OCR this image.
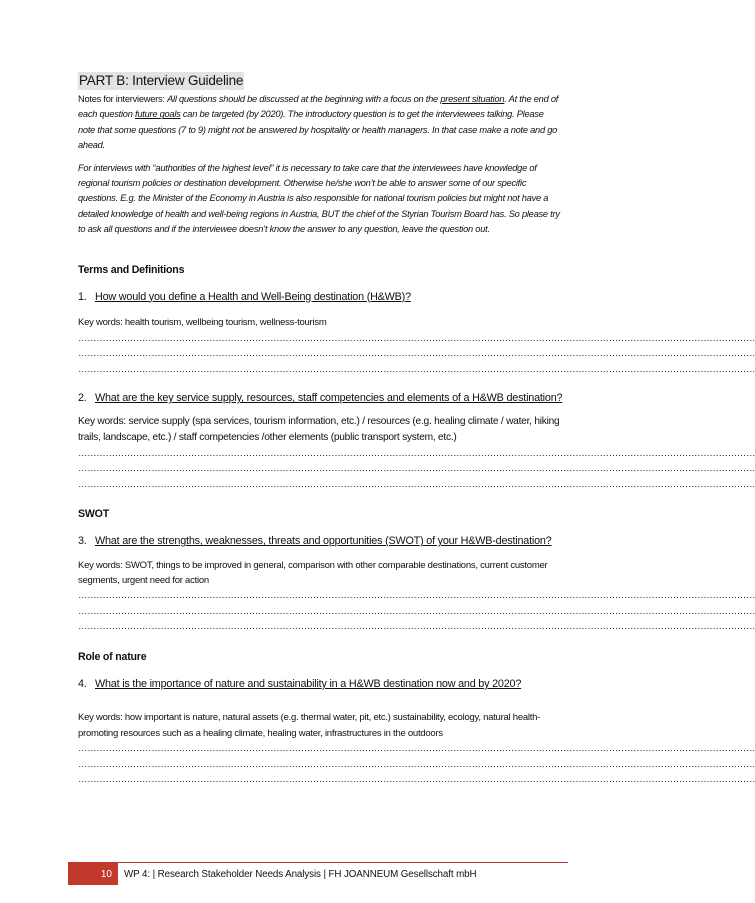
PART B: Interview Guideline
Notes for interviewers: All questions should be discussed at the beginning with a focus on the present situation. At the end of each question future goals can be targeted (by 2020). The introductory question is to get the interviewees talking. Please note that some questions (7 to 9) might not be answered by hospitality or health managers. In that case make a note and go ahead.
For interviews with “authorities of the highest level” it is necessary to take care that the interviewees have knowledge of regional tourism policies or destination development. Otherwise he/she won’t be able to answer some of our specific questions. E.g. the Minister of the Economy in Austria is also responsible for national tourism policies but might not have a detailed knowledge of health and well-being regions in Austria, BUT the chief of the Styrian Tourism Board has. So please try to ask all questions and if the interviewee doesn’t know the answer to any question, leave the question out.
Terms and Definitions
1. How would you define a Health and Well-Being destination (H&WB)?
Key words: health tourism, wellbeing tourism, wellness-tourism
……………………………………………………………………………………………………………………………………………………………………………………………………
……………………………………………………………………………………………………………………………………………………………………………………………………
……………………………………………………………………………………………………………………………………………………………………………………………………
2. What are the key service supply, resources, staff competencies and elements of a H&WB destination?
Key words: service supply (spa services, tourism information, etc.) / resources (e.g. healing climate / water, hiking trails, landscape, etc.) / staff competencies /other elements (public transport system, etc.)
……………………………………………………………………………………………………………………………………………………………………………………………………
……………………………………………………………………………………………………………………………………………………………………………………………………
……………………………………………………………………………………………………………………………………………………………………………………………………
SWOT
3. What are the strengths, weaknesses, threats and opportunities (SWOT) of your H&WB-destination?
Key words: SWOT, things to be improved in general, comparison with other comparable destinations, current customer segments, urgent need for action
……………………………………………………………………………………………………………………………………………………………………………………………………
……………………………………………………………………………………………………………………………………………………………………………………………………
……………………………………………………………………………………………………………………………………………………………………………………………………
Role of nature
4. What is the importance of nature and sustainability in a H&WB destination now and by 2020?
Key words: how important is nature, natural assets (e.g. thermal water, pit, etc.) sustainability, ecology, natural health-promoting resources such as a healing climate, healing water, infrastructures in the outdoors
……………………………………………………………………………………………………………………………………………………………………………………………………
……………………………………………………………………………………………………………………………………………………………………………………………………
……………………………………………………………………………………………………………………………………………………………………………………………………
10	WP 4: | Research Stakeholder Needs Analysis | FH JOANNEUM Gesellschaft mbH
